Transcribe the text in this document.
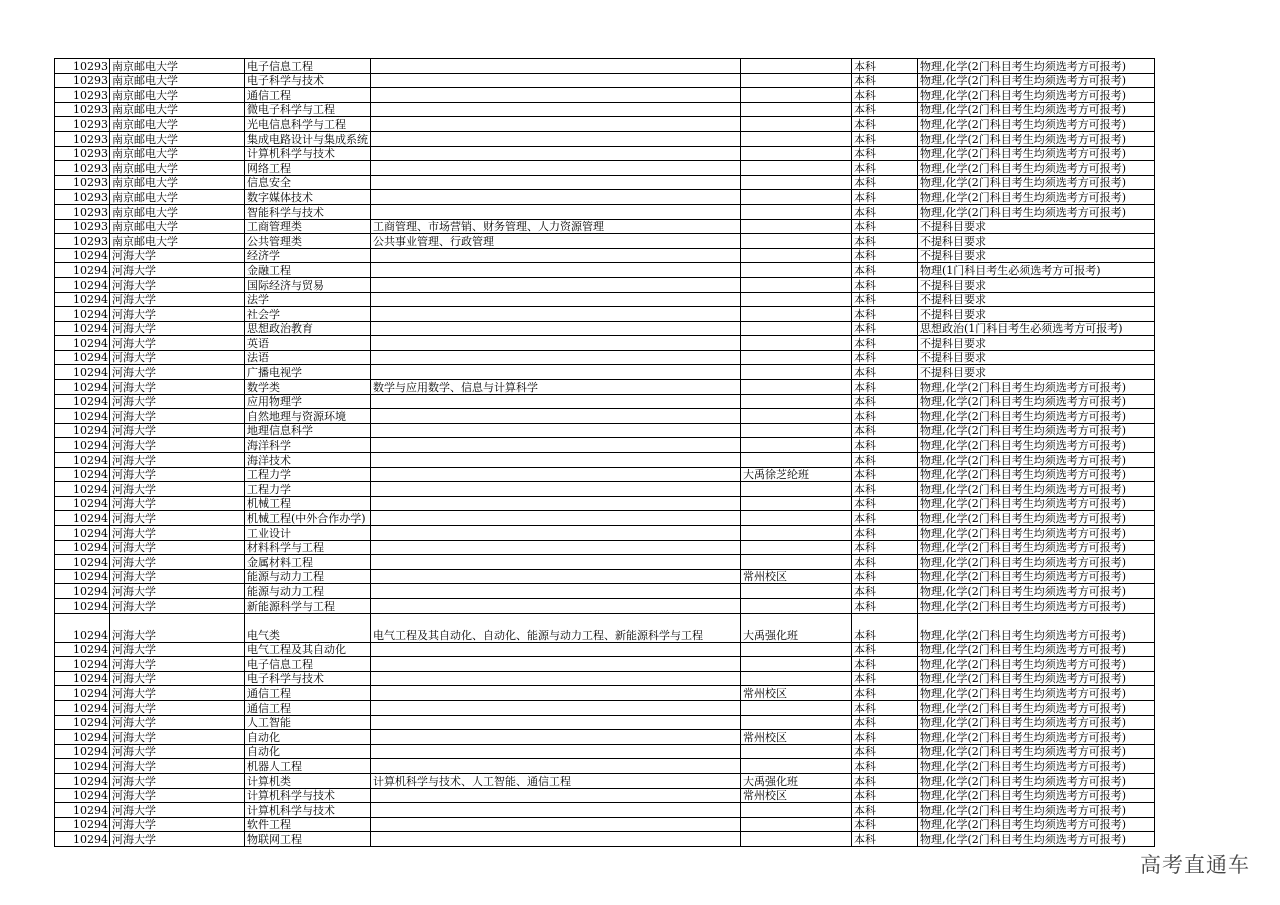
10293	南京邮电大学	电子信息工程			本科	物理,化学(2门科目考生均须选考方可报考)
10293	南京邮电大学	电子科学与技术			本科	物理,化学(2门科目考生均须选考方可报考)
10293	南京邮电大学	通信工程			本科	物理,化学(2门科目考生均须选考方可报考)
10293	南京邮电大学	微电子科学与工程			本科	物理,化学(2门科目考生均须选考方可报考)
10293	南京邮电大学	光电信息科学与工程			本科	物理,化学(2门科目考生均须选考方可报考)
10293	南京邮电大学	集成电路设计与集成系统			本科	物理,化学(2门科目考生均须选考方可报考)
10293	南京邮电大学	计算机科学与技术			本科	物理,化学(2门科目考生均须选考方可报考)
10293	南京邮电大学	网络工程			本科	物理,化学(2门科目考生均须选考方可报考)
10293	南京邮电大学	信息安全			本科	物理,化学(2门科目考生均须选考方可报考)
10293	南京邮电大学	数字媒体技术			本科	物理,化学(2门科目考生均须选考方可报考)
10293	南京邮电大学	智能科学与技术			本科	物理,化学(2门科目考生均须选考方可报考)
10293	南京邮电大学	工商管理类	工商管理、市场营销、财务管理、人力资源管理		本科	不提科目要求
10293	南京邮电大学	公共管理类	公共事业管理、行政管理		本科	不提科目要求
10294	河海大学	经济学			本科	不提科目要求
10294	河海大学	金融工程			本科	物理(1门科目考生必须选考方可报考)
10294	河海大学	国际经济与贸易			本科	不提科目要求
10294	河海大学	法学			本科	不提科目要求
10294	河海大学	社会学			本科	不提科目要求
10294	河海大学	思想政治教育			本科	思想政治(1门科目考生必须选考方可报考)
10294	河海大学	英语			本科	不提科目要求
10294	河海大学	法语			本科	不提科目要求
10294	河海大学	广播电视学			本科	不提科目要求
10294	河海大学	数学类	数学与应用数学、信息与计算科学		本科	物理,化学(2门科目考生均须选考方可报考)
10294	河海大学	应用物理学			本科	物理,化学(2门科目考生均须选考方可报考)
10294	河海大学	自然地理与资源环境			本科	物理,化学(2门科目考生均须选考方可报考)
10294	河海大学	地理信息科学			本科	物理,化学(2门科目考生均须选考方可报考)
10294	河海大学	海洋科学			本科	物理,化学(2门科目考生均须选考方可报考)
10294	河海大学	海洋技术			本科	物理,化学(2门科目考生均须选考方可报考)
10294	河海大学	工程力学		大禹徐芝纶班	本科	物理,化学(2门科目考生均须选考方可报考)
10294	河海大学	工程力学			本科	物理,化学(2门科目考生均须选考方可报考)
10294	河海大学	机械工程			本科	物理,化学(2门科目考生均须选考方可报考)
10294	河海大学	机械工程(中外合作办学)			本科	物理,化学(2门科目考生均须选考方可报考)
10294	河海大学	工业设计			本科	物理,化学(2门科目考生均须选考方可报考)
10294	河海大学	材料科学与工程			本科	物理,化学(2门科目考生均须选考方可报考)
10294	河海大学	金属材料工程			本科	物理,化学(2门科目考生均须选考方可报考)
10294	河海大学	能源与动力工程		常州校区	本科	物理,化学(2门科目考生均须选考方可报考)
10294	河海大学	能源与动力工程			本科	物理,化学(2门科目考生均须选考方可报考)
10294	河海大学	新能源科学与工程			本科	物理,化学(2门科目考生均须选考方可报考)
10294	河海大学	电气类	电气工程及其自动化、自动化、能源与动力工程、新能源科学与工程	大禹强化班	本科	物理,化学(2门科目考生均须选考方可报考)
10294	河海大学	电气工程及其自动化			本科	物理,化学(2门科目考生均须选考方可报考)
10294	河海大学	电子信息工程			本科	物理,化学(2门科目考生均须选考方可报考)
10294	河海大学	电子科学与技术			本科	物理,化学(2门科目考生均须选考方可报考)
10294	河海大学	通信工程		常州校区	本科	物理,化学(2门科目考生均须选考方可报考)
10294	河海大学	通信工程			本科	物理,化学(2门科目考生均须选考方可报考)
10294	河海大学	人工智能			本科	物理,化学(2门科目考生均须选考方可报考)
10294	河海大学	自动化		常州校区	本科	物理,化学(2门科目考生均须选考方可报考)
10294	河海大学	自动化			本科	物理,化学(2门科目考生均须选考方可报考)
10294	河海大学	机器人工程			本科	物理,化学(2门科目考生均须选考方可报考)
10294	河海大学	计算机类	计算机科学与技术、人工智能、通信工程	大禹强化班	本科	物理,化学(2门科目考生均须选考方可报考)
10294	河海大学	计算机科学与技术		常州校区	本科	物理,化学(2门科目考生均须选考方可报考)
10294	河海大学	计算机科学与技术			本科	物理,化学(2门科目考生均须选考方可报考)
10294	河海大学	软件工程			本科	物理,化学(2门科目考生均须选考方可报考)
10294	河海大学	物联网工程			本科	物理,化学(2门科目考生均须选考方可报考)
高考直通车
